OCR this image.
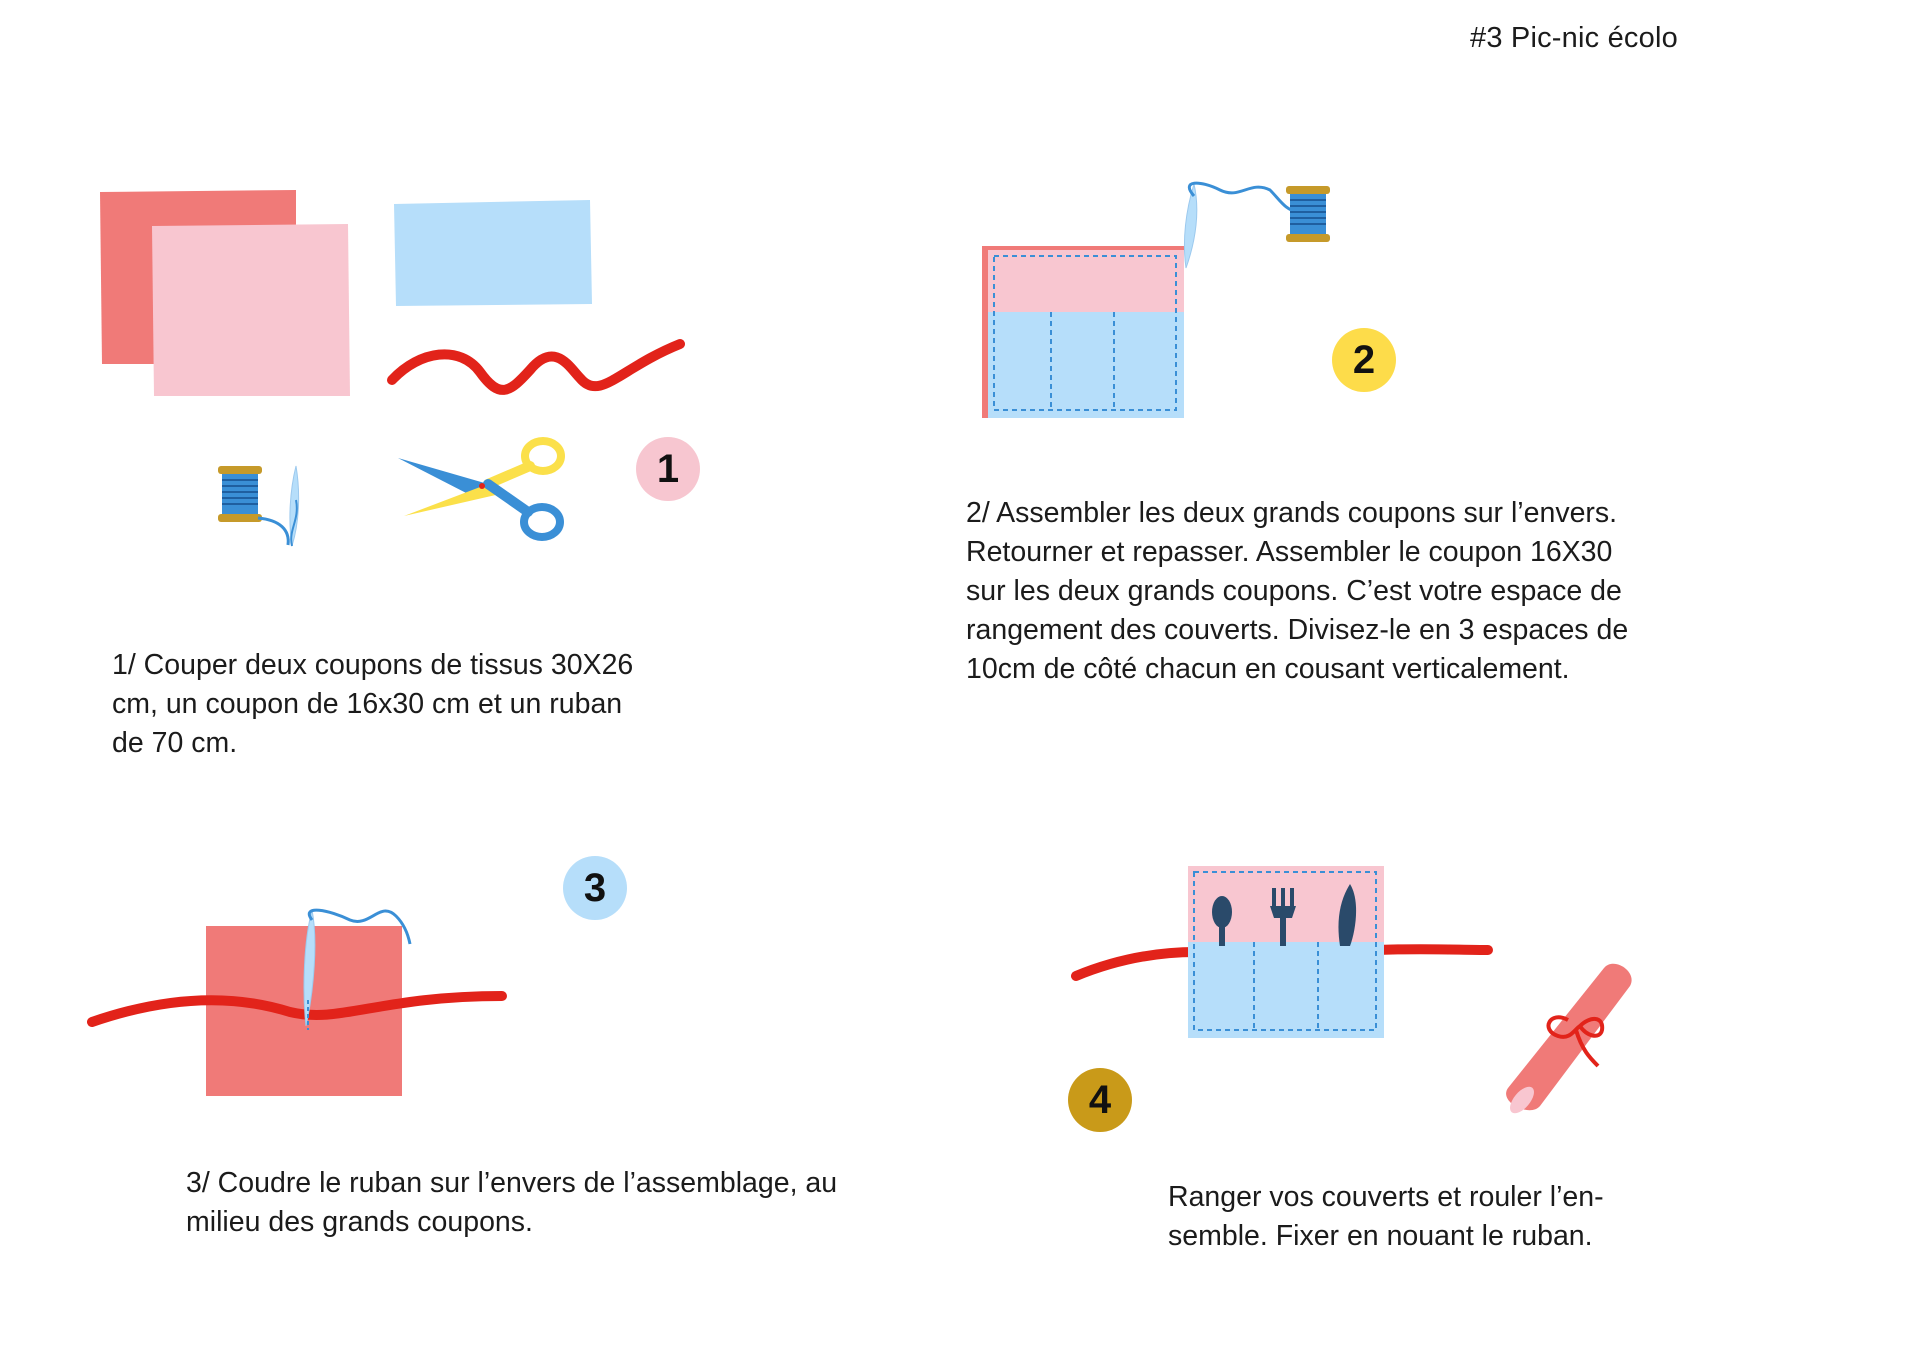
#3 Pic-nic écolo
1
2
3
4
1/ Couper deux coupons de tissus 30X26
cm, un coupon de 16x30 cm et un ruban
de 70 cm.
2/ Assembler les deux grands coupons sur l’envers.
Retourner et repasser. Assembler le coupon 16X30
sur les deux grands coupons. C’est votre espace de
rangement des couverts. Divisez-le en 3 espaces de
10cm de côté chacun en cousant verticalement.
3/ Coudre le ruban sur l’envers de l’assemblage, au
milieu des grands coupons.
Ranger vos couverts et rouler l’en-
semble. Fixer en nouant le ruban.
